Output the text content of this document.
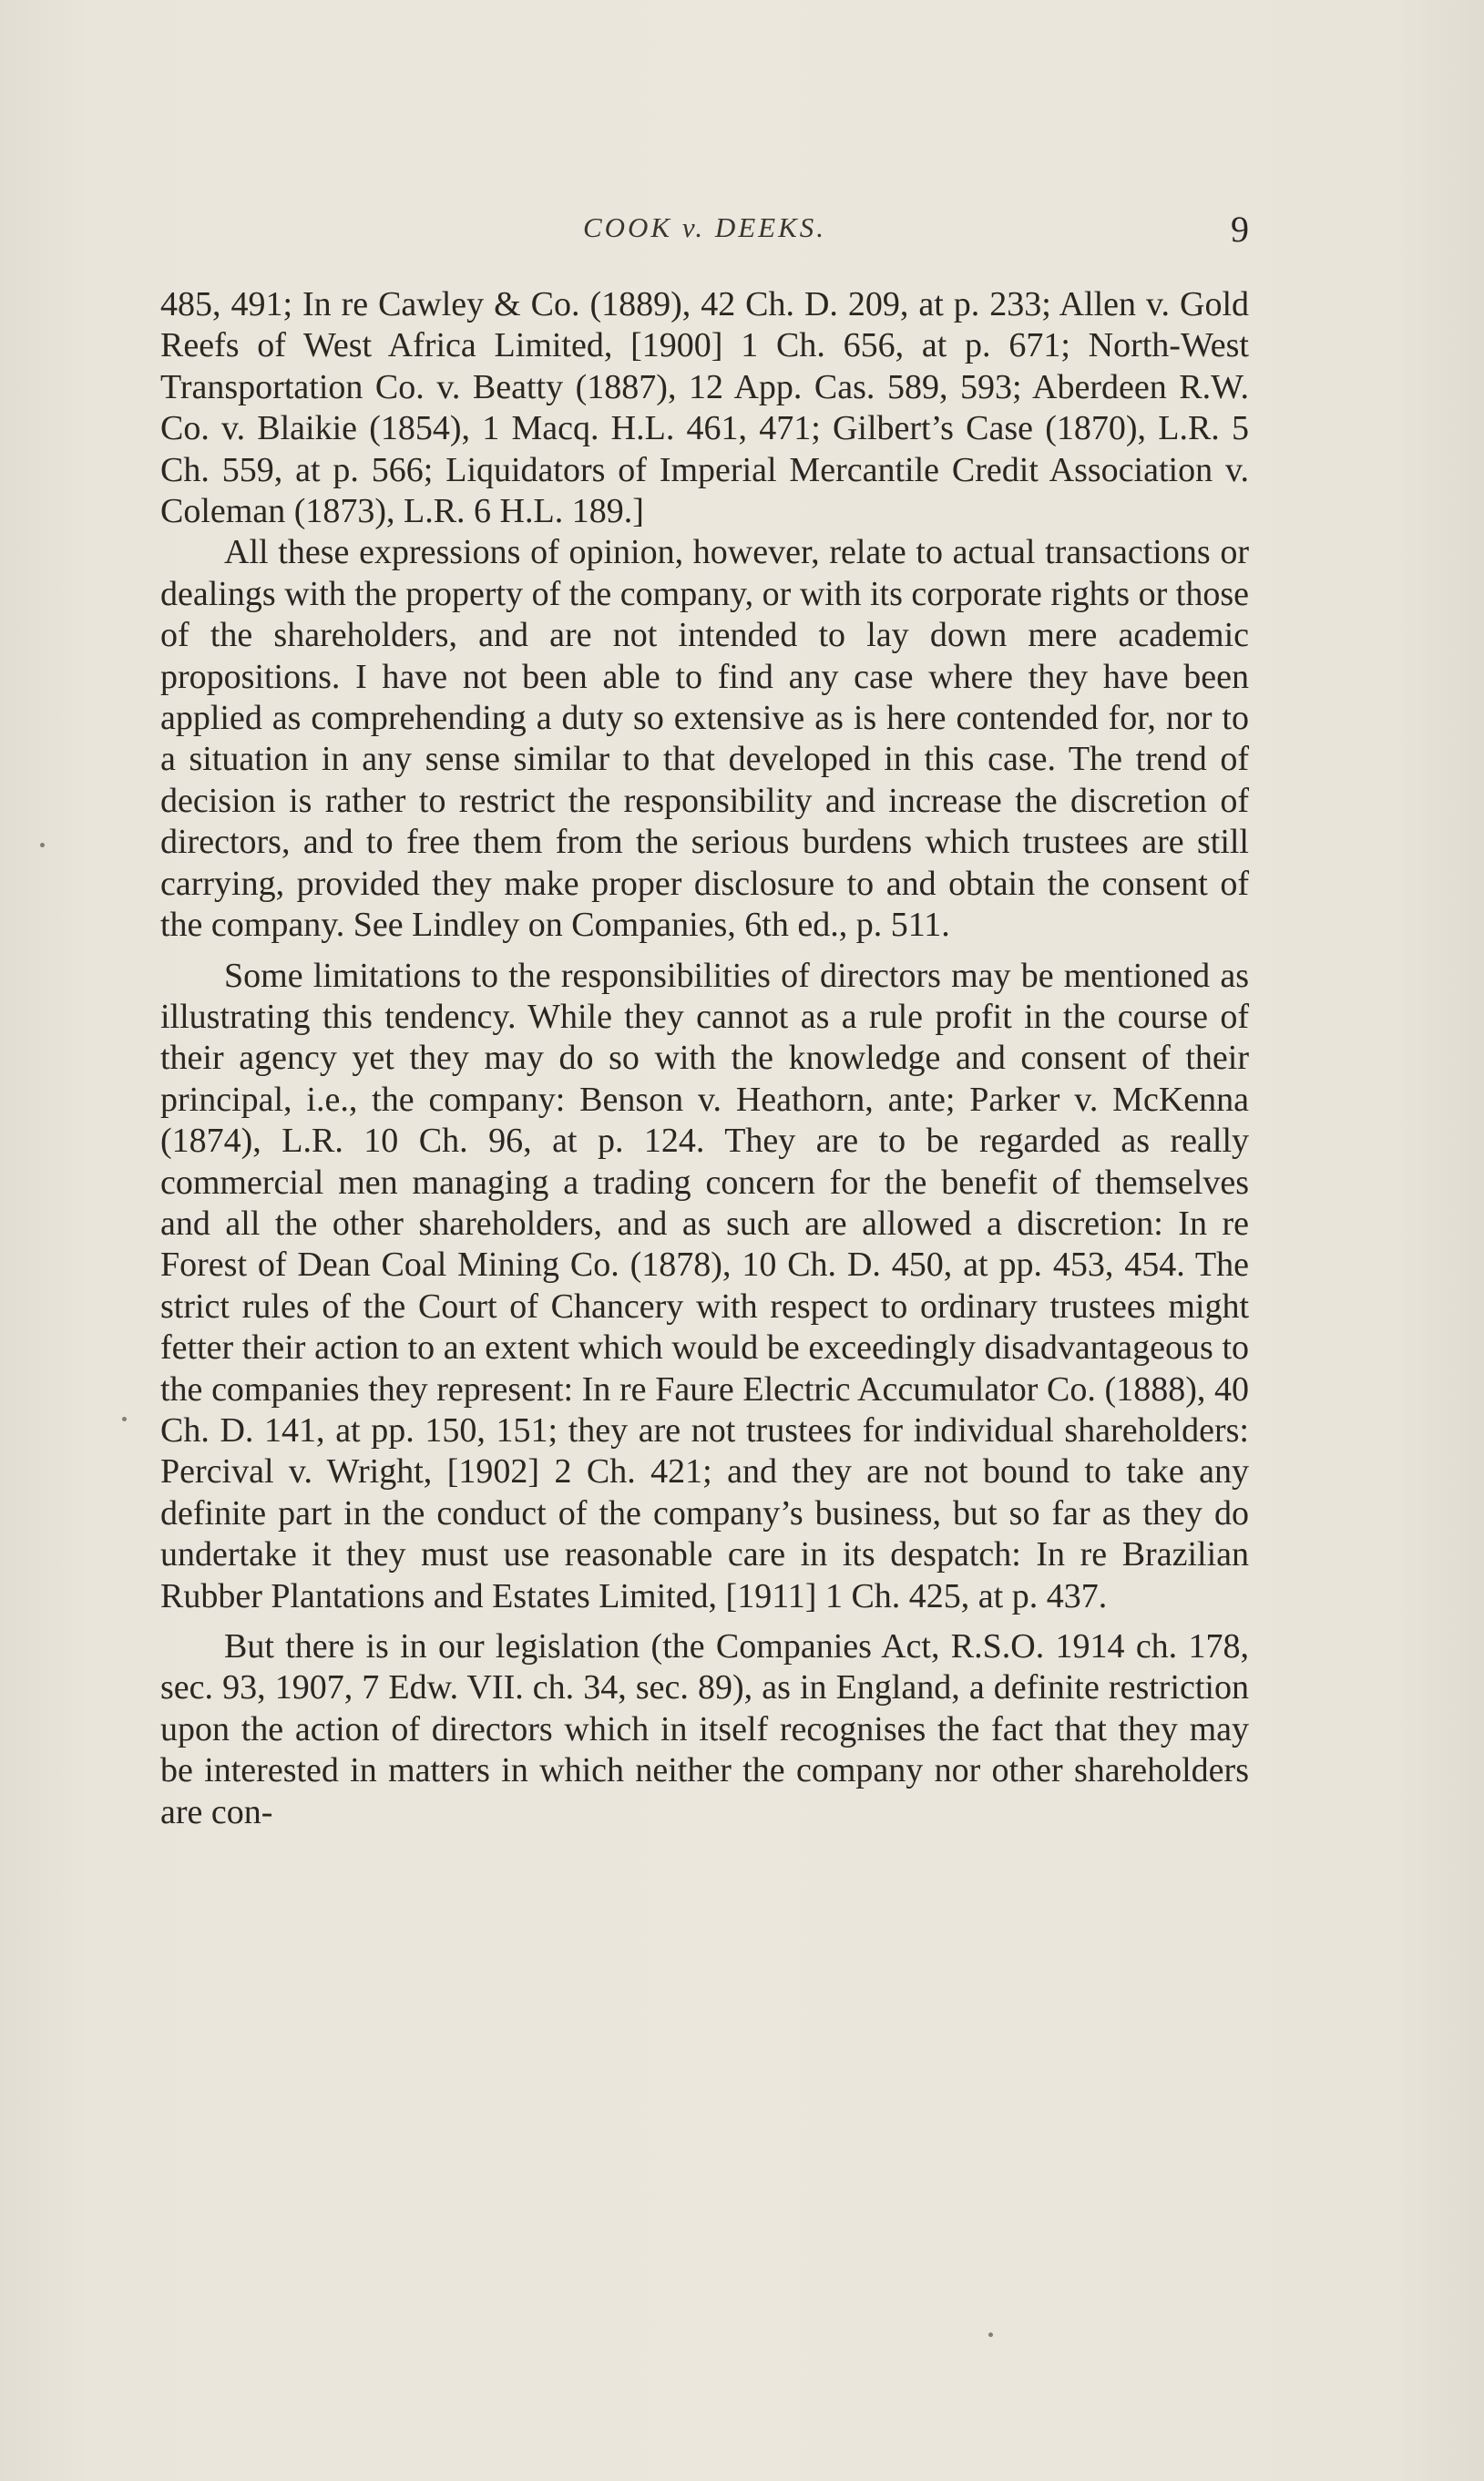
COOK v. DEEKS.	9

485, 491; In re Cawley & Co. (1889), 42 Ch. D. 209, at p. 233; Allen v. Gold Reefs of West Africa Limited, [1900] 1 Ch. 656, at p. 671; North-West Transportation Co. v. Beatty (1887), 12 App. Cas. 589, 593; Aberdeen R.W. Co. v. Blaikie (1854), 1 Macq. H.L. 461, 471; Gilbert’s Case (1870), L.R. 5 Ch. 559, at p. 566; Liquidators of Imperial Mercantile Credit Association v. Coleman (1873), L.R. 6 H.L. 189.]

All these expressions of opinion, however, relate to actual transactions or dealings with the property of the company, or with its corporate rights or those of the shareholders, and are not intended to lay down mere academic propositions. I have not been able to find any case where they have been applied as comprehending a duty so extensive as is here contended for, nor to a situation in any sense similar to that developed in this case. The trend of decision is rather to restrict the responsibility and increase the discretion of directors, and to free them from the serious burdens which trustees are still carrying, provided they make proper disclosure to and obtain the consent of the company. See Lindley on Companies, 6th ed., p. 511.

Some limitations to the responsibilities of directors may be mentioned as illustrating this tendency. While they cannot as a rule profit in the course of their agency yet they may do so with the knowledge and consent of their principal, i.e., the company: Benson v. Heathorn, ante; Parker v. McKenna (1874), L.R. 10 Ch. 96, at p. 124. They are to be regarded as really commercial men managing a trading concern for the benefit of themselves and all the other shareholders, and as such are allowed a discretion: In re Forest of Dean Coal Mining Co. (1878), 10 Ch. D. 450, at pp. 453, 454. The strict rules of the Court of Chancery with respect to ordinary trustees might fetter their action to an extent which would be exceedingly disadvantageous to the companies they represent: In re Faure Electric Accumulator Co. (1888), 40 Ch. D. 141, at pp. 150, 151; they are not trustees for individual shareholders: Percival v. Wright, [1902] 2 Ch. 421; and they are not bound to take any definite part in the conduct of the company’s business, but so far as they do undertake it they must use reasonable care in its despatch: In re Brazilian Rubber Plantations and Estates Limited, [1911] 1 Ch. 425, at p. 437.

But there is in our legislation (the Companies Act, R.S.O. 1914 ch. 178, sec. 93, 1907, 7 Edw. VII. ch. 34, sec. 89), as in England, a definite restriction upon the action of directors which in itself recognises the fact that they may be interested in matters in which neither the company nor other shareholders are con-
